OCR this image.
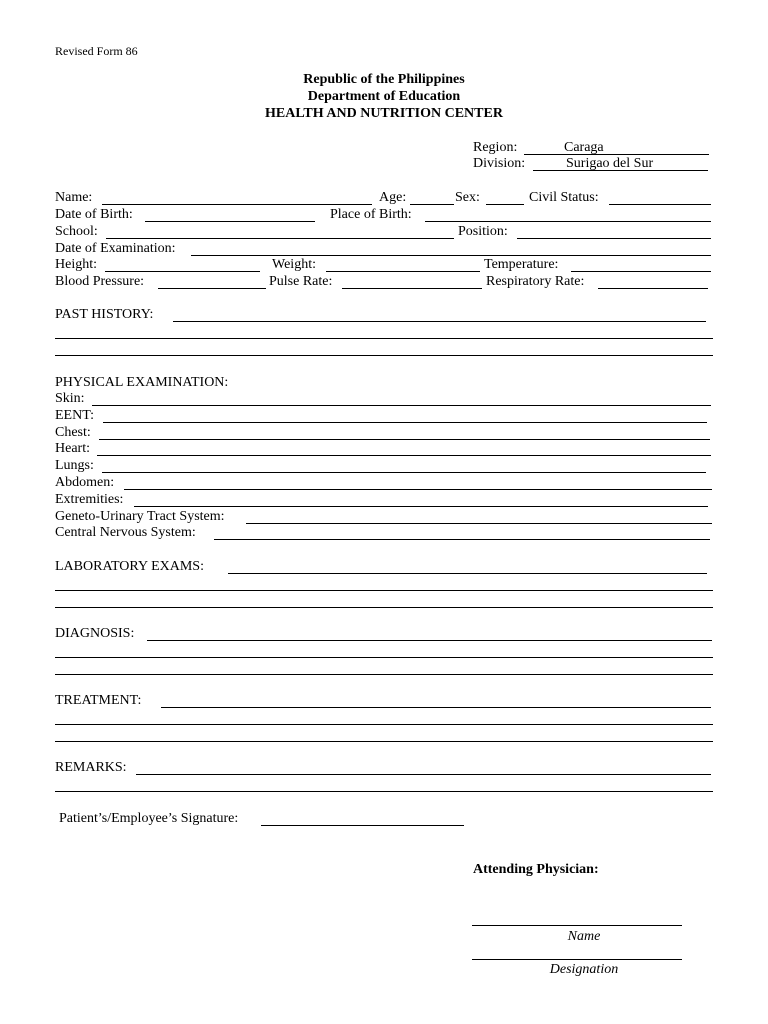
Revised Form 86
Republic of the Philippines
Department of Education
HEALTH AND NUTRITION CENTER
Region:	Caraga
Division:	Surigao del Sur
Name:	Age:	Sex:	Civil Status:
Date of Birth:	Place of Birth:
School:	Position:
Date of Examination:
Height:	Weight:	Temperature:
Blood Pressure:	Pulse Rate:	Respiratory Rate:
PAST HISTORY:
PHYSICAL EXAMINATION:
Skin:
EENT:
Chest:
Heart:
Lungs:
Abdomen:
Extremities:
Geneto-Urinary Tract System:
Central Nervous System:
LABORATORY EXAMS:
DIAGNOSIS:
TREATMENT:
REMARKS:
Patient’s/Employee’s Signature:
Attending Physician:
Name
Designation
